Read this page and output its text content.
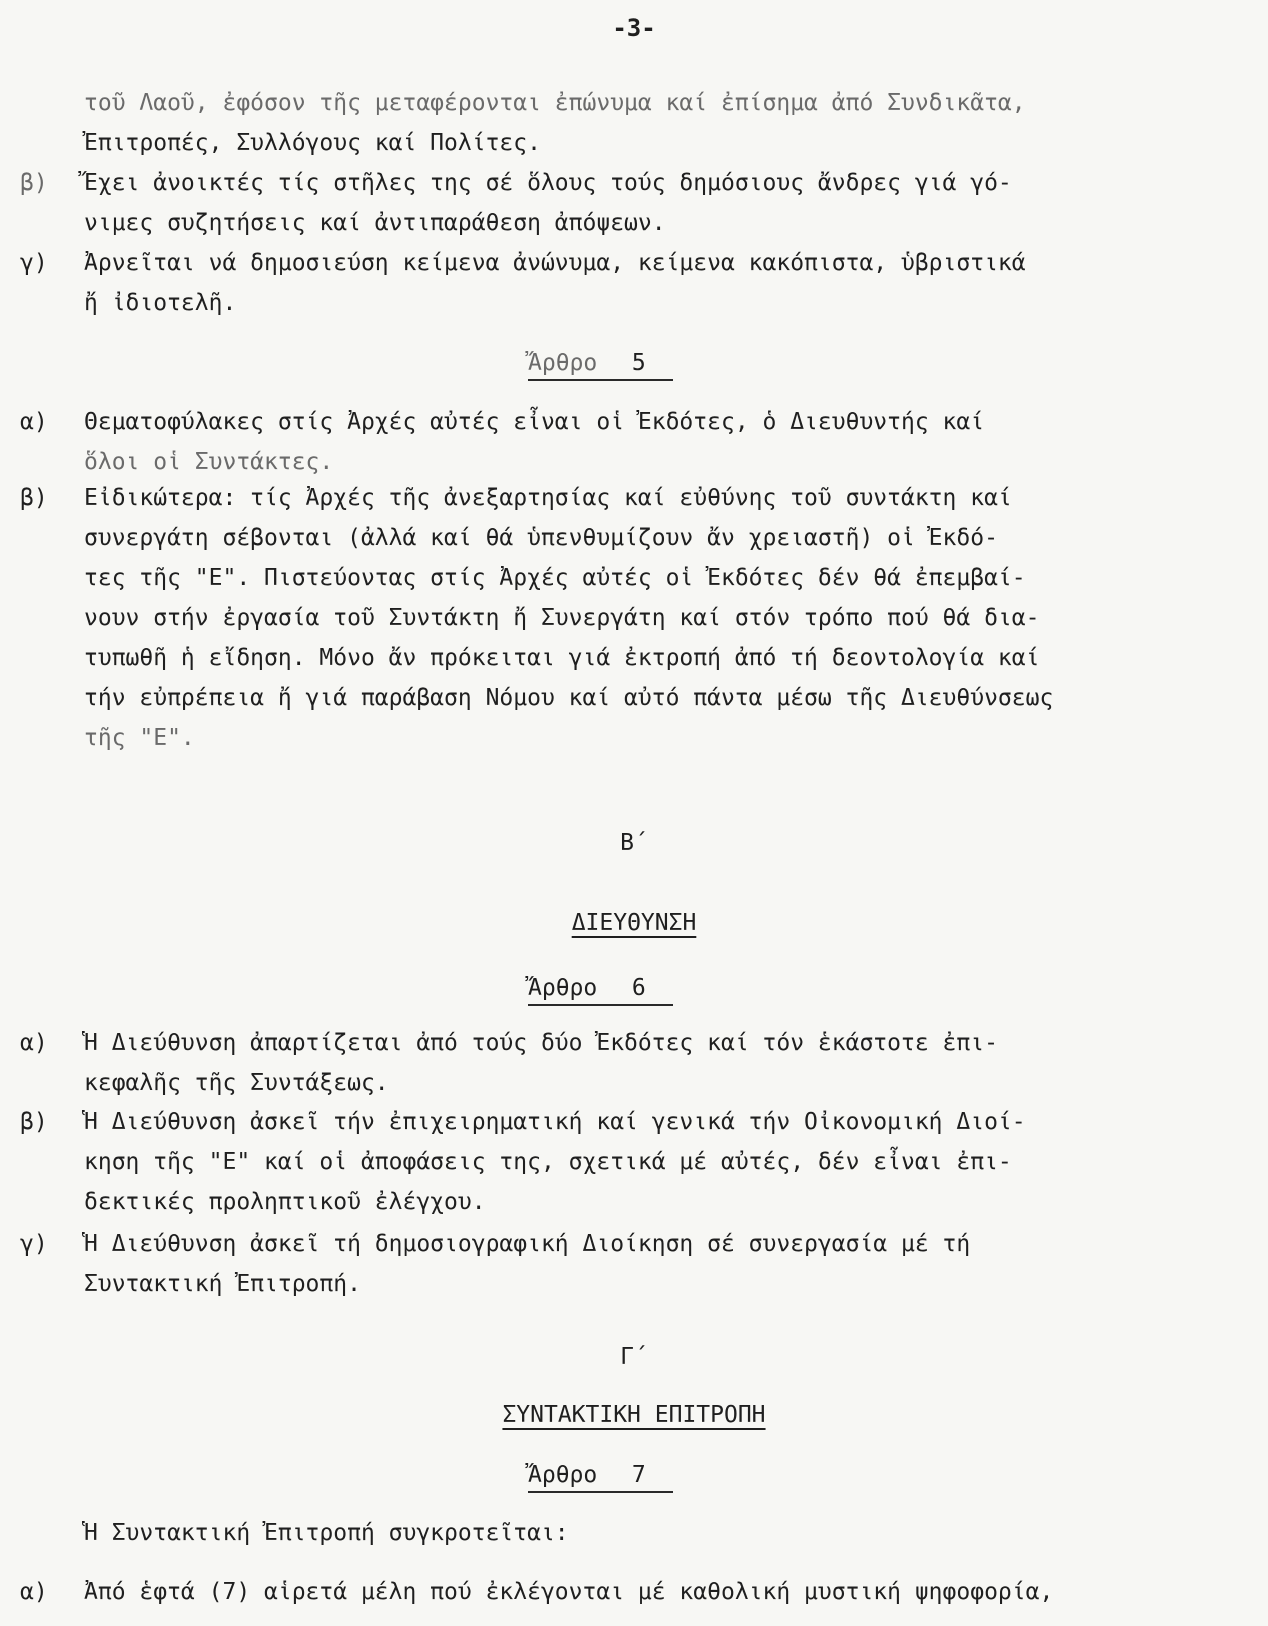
-3-
τοῦ Λαοῦ, ἐφόσον τῆς μεταφέρονται ἐπώνυμα καί ἐπίσημα ἀπό Συνδικᾶτα,
Ἐπιτροπές, Συλλόγους καί Πολίτες.
β)	Ἔχει ἀνοικτές τίς στῆλες της σέ ὅλους τούς δημόσιους ἄνδρες γιά γό-
νιμες συζητήσεις καί ἀντιπαράθεση ἀπόψεων.
γ)	Ἀρνεῖται νά δημοσιεύση κείμενα ἀνώνυμα, κείμενα κακόπιστα, ὑβριστικά
ἤ ἰδιοτελῆ.
Ἄρθρο 5
α)	Θεματοφύλακες στίς Ἀρχές αὐτές εἶναι οἱ Ἐκδότες, ὁ Διευθυντής καί
ὅλοι οἱ Συντάκτες.
β)	Εἰδικώτερα: τίς Ἀρχές τῆς ἀνεξαρτησίας καί εὐθύνης τοῦ συντάκτη καί
συνεργάτη σέβονται (ἀλλά καί θά ὑπενθυμίζουν ἄν χρειαστῆ) οἱ Ἐκδό-
τες τῆς "Ε". Πιστεύοντας στίς Ἀρχές αὐτές οἱ Ἐκδότες δέν θά ἐπεμβαί-
νουν στήν ἐργασία τοῦ Συντάκτη ἤ Συνεργάτη καί στόν τρόπο πού θά δια-
τυπωθῆ ἡ εἴδηση. Μόνο ἄν πρόκειται γιά ἐκτροπή ἀπό τή δεοντολογία καί
τήν εὐπρέπεια ἤ γιά παράβαση Νόμου καί αὐτό πάντα μέσω τῆς Διευθύνσεως
τῆς "Ε".
Β΄
ΔΙΕΥΘΥΝΣΗ
Ἄρθρο 6
α)	Ἡ Διεύθυνση ἀπαρτίζεται ἀπό τούς δύο Ἐκδότες καί τόν ἑκάστοτε ἐπι-
κεφαλῆς τῆς Συντάξεως.
β)	Ἡ Διεύθυνση ἀσκεῖ τήν ἐπιχειρηματική καί γενικά τήν Οἰκονομική Διοί-
κηση τῆς "Ε" καί οἱ ἀποφάσεις της, σχετικά μέ αὐτές, δέν εἶναι ἐπι-
δεκτικές προληπτικοῦ ἐλέγχου.
γ)	Ἡ Διεύθυνση ἀσκεῖ τή δημοσιογραφική Διοίκηση σέ συνεργασία μέ τή
Συντακτική Ἐπιτροπή.
Γ΄
ΣΥΝΤΑΚΤΙΚΗ ΕΠΙΤΡΟΠΗ
Ἄρθρο 7
Ἡ Συντακτική Ἐπιτροπή συγκροτεῖται:
α)	Ἀπό ἑφτά (7) αἱρετά μέλη πού ἐκλέγονται μέ καθολική μυστική ψηφοφορία,
